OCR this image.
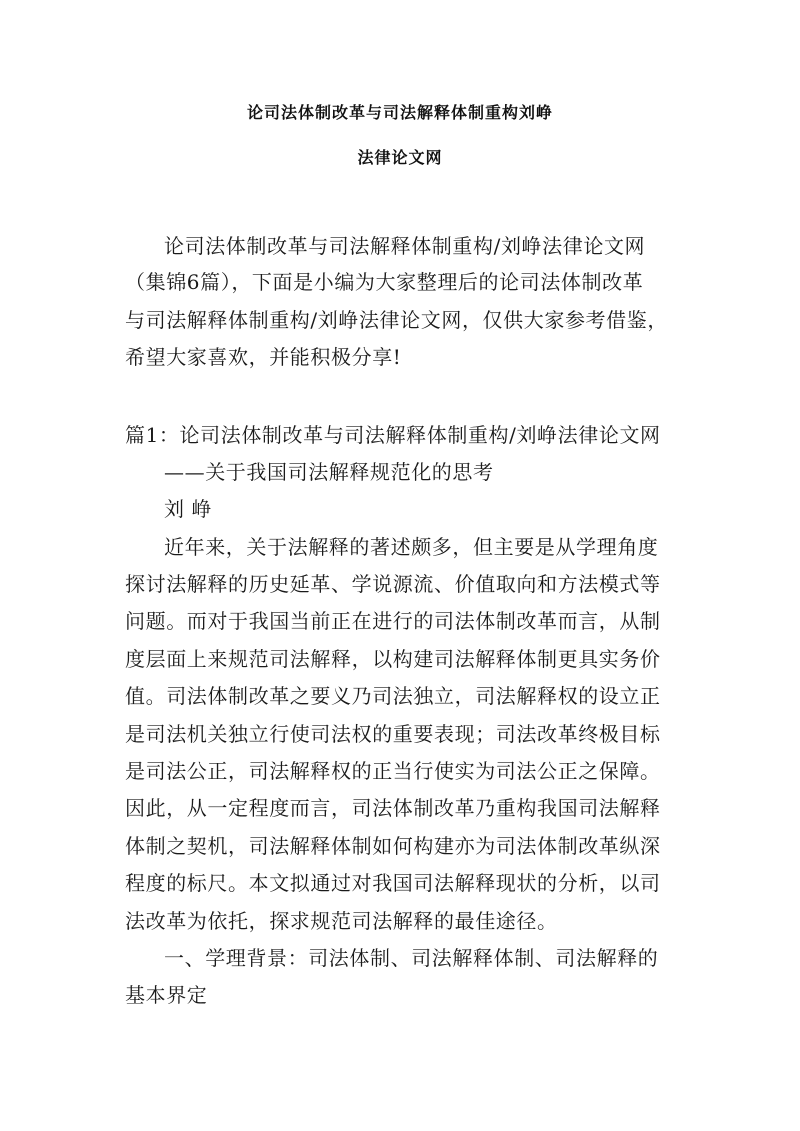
论司法体制改革与司法解释体制重构刘峥
法律论文网

论司法体制改革与司法解释体制重构/刘峥法律论文网

（集锦6篇），下面是小编为大家整理后的论司法体制改革

与司法解释体制重构/刘峥法律论文网，仅供大家参考借鉴，

希望大家喜欢，并能积极分享!

篇1：论司法体制改革与司法解释体制重构/刘峥法律论文网

——关于我国司法解释规范化的思考

刘 峥

近年来，关于法解释的著述颇多，但主要是从学理角度

探讨法解释的历史延革、学说源流、价值取向和方法模式等

问题。而对于我国当前正在进行的司法体制改革而言，从制

度层面上来规范司法解释，以构建司法解释体制更具实务价

值。司法体制改革之要义乃司法独立，司法解释权的设立正

是司法机关独立行使司法权的重要表现；司法改革终极目标

是司法公正，司法解释权的正当行使实为司法公正之保障。

因此，从一定程度而言，司法体制改革乃重构我国司法解释

体制之契机，司法解释体制如何构建亦为司法体制改革纵深

程度的标尺。本文拟通过对我国司法解释现状的分析，以司

法改革为依托，探求规范司法解释的最佳途径。

一、学理背景：司法体制、司法解释体制、司法解释的

基本界定
